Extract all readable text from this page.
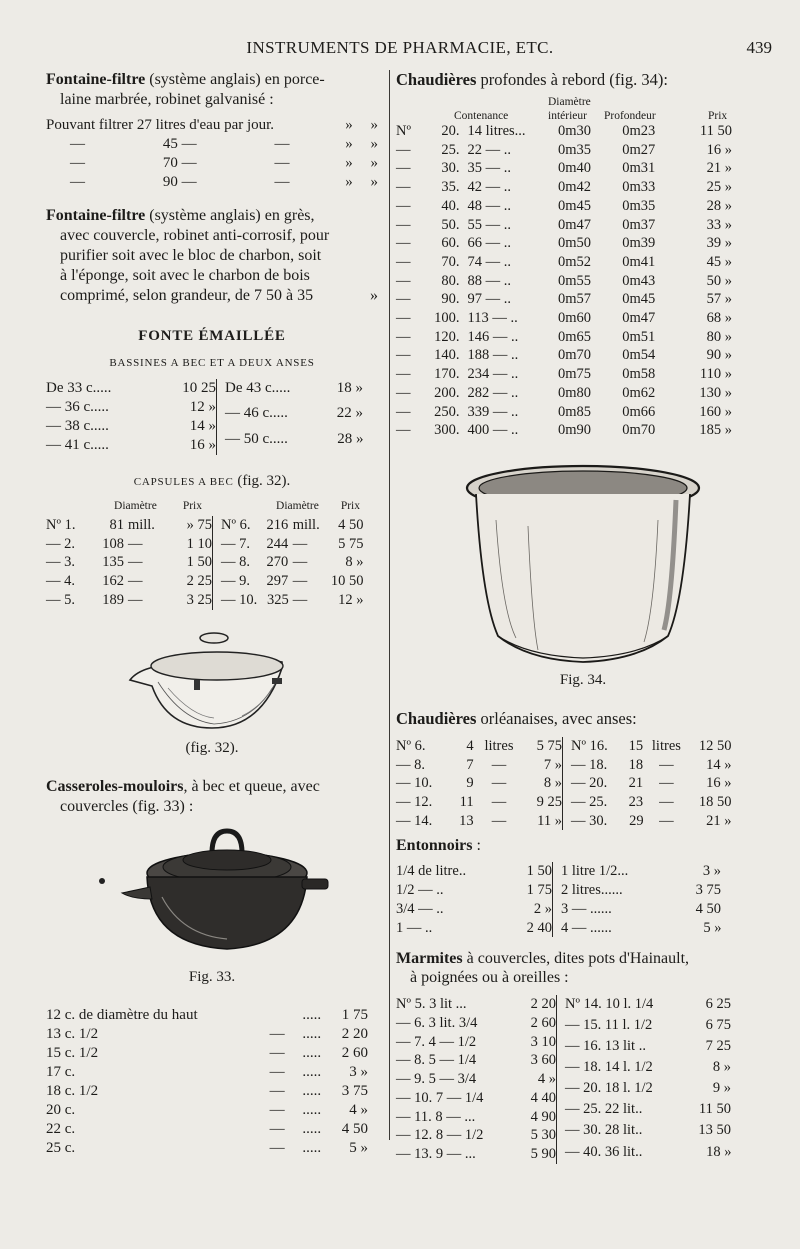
INSTRUMENTS DE PHARMACIE, ETC.	439

Fontaine-filtre (système anglais) en porce-

laine marbrée, robinet galvanisé :

Pouvant filtrer 27 litres d'eau par jour.			»	»
—	45 —	—	»	»
—	70 —	—	»	»
—	90 —	—	»	»

Fontaine-filtre (système anglais) en grès,

avec couvercle, robinet anti-corrosif, pour

purifier soit avec le bloc de charbon, soit

à l'éponge, soit avec le charbon de bois

comprimé, selon grandeur, de 7 50 à 35	»

FONTE ÉMAILLÉE
BASSINES A BEC ET A DEUX ANSES
De 33 c.....	10 25
— 36 c.....	12 »
— 38 c.....	14 »
— 41 c.....	16 »
De 43 c.....	18 »
— 46 c.....	22 »
— 50 c.....	28 »
CAPSULES A BEC (fig. 32).
Diamètre Prix
Nº 1.	81	mill.	» 75
— 2.	108	—	1 10
— 3.	135	—	1 50
— 4.	162	—	2 25
— 5.	189	—	3 25
Diamètre Prix
Nº 6.	216	mill.	4 50
— 7.	244	—	5 75
— 8.	270	—	8 »
— 9.	297	—	10 50
— 10.	325	—	12 »
(fig. 32).

Casseroles-mouloirs, à bec et queue, avec

couvercles (fig. 33) :

Fig. 33.
12 c. de diamètre du haut		.....	1 75
13 c. 1/2	—	.....	2 20
15 c. 1/2	—	.....	2 60
17 c.	—	.....	3 »
18 c. 1/2	—	.....	3 75
20 c.	—	.....	4 »
22 c.	—	.....	4 50
25 c.	—	.....	5 »

Chaudières profondes à rebord (fig. 34):

Diamètre
Contenance	intérieur Profondeur	Prix
Nº	20.	14 litres...	0m30	0m23	11 50
—	25.	22 — ..	0m35	0m27	16 »
—	30.	35 — ..	0m40	0m31	21 »
—	35.	42 — ..	0m42	0m33	25 »
—	40.	48 — ..	0m45	0m35	28 »
—	50.	55 — ..	0m47	0m37	33 »
—	60.	66 — ..	0m50	0m39	39 »
—	70.	74 — ..	0m52	0m41	45 »
—	80.	88 — ..	0m55	0m43	50 »
—	90.	97 — ..	0m57	0m45	57 »
—	100.	113 — ..	0m60	0m47	68 »
—	120.	146 — ..	0m65	0m51	80 »
—	140.	188 — ..	0m70	0m54	90 »
—	170.	234 — ..	0m75	0m58	110 »
—	200.	282 — ..	0m80	0m62	130 »
—	250.	339 — ..	0m85	0m66	160 »
—	300.	400 — ..	0m90	0m70	185 »
Fig. 34.

Chaudières orléanaises, avec anses:

Nº 6.	4	litres	5 75
— 8.	7	—	7 »
— 10.	9	—	8 »
— 12.	11	—	9 25
— 14.	13	—	11 »
Nº 16.	15	litres	12 50
— 18.	18	—	14 »
— 20.	21	—	16 »
— 25.	23	—	18 50
— 30.	29	—	21 »

Entonnoirs :

1/4 de litre..	1 50
1/2 — ..	1 75
3/4 — ..	2 »
1 — ..	2 40
1 litre 1/2...	3 »
2 litres......	3 75
3 — ......	4 50
4 — ......	5 »

Marmites à couvercles, dites pots d'Hainault,

à poignées ou à oreilles :

Nº 5. 3 lit ...	2 20
— 6. 3 lit. 3/4	2 60
— 7. 4 — 1/2	3 10
— 8. 5 — 1/4	3 60
— 9. 5 — 3/4	4 »
— 10. 7 — 1/4	4 40
— 11. 8 — ...	4 90
— 12. 8 — 1/2	5 30
— 13. 9 — ...	5 90
Nº 14. 10 l. 1/4	6 25
— 15. 11 l. 1/2	6 75
— 16. 13 lit ..	7 25
— 18. 14 l. 1/2	8 »
— 20. 18 l. 1/2	9 »
— 25. 22 lit..	11 50
— 30. 28 lit..	13 50
— 40. 36 lit..	18 »
